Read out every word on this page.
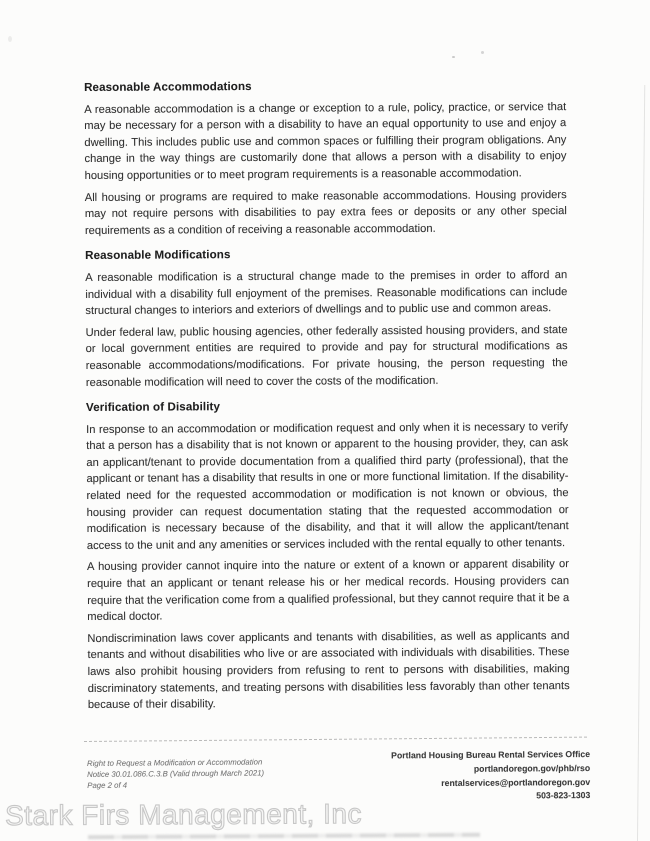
Reasonable Accommodations

A reasonable accommodation is a change or exception to a rule, policy, practice, or service that may be necessary for a person with a disability to have an equal opportunity to use and enjoy a dwelling. This includes public use and common spaces or fulfilling their program obligations. Any change in the way things are customarily done that allows a person with a disability to enjoy housing opportunities or to meet program requirements is a reasonable accommodation.

All housing or programs are required to make reasonable accommodations. Housing providers may not require persons with disabilities to pay extra fees or deposits or any other special requirements as a condition of receiving a reasonable accommodation.

Reasonable Modifications

A reasonable modification is a structural change made to the premises in order to afford an individual with a disability full enjoyment of the premises. Reasonable modifications can include structural changes to interiors and exteriors of dwellings and to public use and common areas.

Under federal law, public housing agencies, other federally assisted housing providers, and state or local government entities are required to provide and pay for structural modifications as reasonable accommodations/modifications. For private housing, the person requesting the reasonable modification will need to cover the costs of the modification.

Verification of Disability

In response to an accommodation or modification request and only when it is necessary to verify that a person has a disability that is not known or apparent to the housing provider, they, can ask an applicant/tenant to provide documentation from a qualified third party (professional), that the applicant or tenant has a disability that results in one or more functional limitation. If the disability-related need for the requested accommodation or modification is not known or obvious, the housing provider can request documentation stating that the requested accommodation or modification is necessary because of the disability, and that it will allow the applicant/tenant access to the unit and any amenities or services included with the rental equally to other tenants.

A housing provider cannot inquire into the nature or extent of a known or apparent disability or require that an applicant or tenant release his or her medical records. Housing providers can require that the verification come from a qualified professional, but they cannot require that it be a medical doctor.

Nondiscrimination laws cover applicants and tenants with disabilities, as well as applicants and tenants and without disabilities who live or are associated with individuals with disabilities. These laws also prohibit housing providers from refusing to rent to persons with disabilities, making discriminatory statements, and treating persons with disabilities less favorably than other tenants because of their disability.

Right to Request a Modification or Accommodation
Notice 30.01.086.C.3.B (Valid through March 2021)
Page 2 of 4
Portland Housing Bureau Rental Services Office
portlandoregon.gov/phb/rso
rentalservices@portlandoregon.gov
503-823-1303
Stark Firs Management, Inc
